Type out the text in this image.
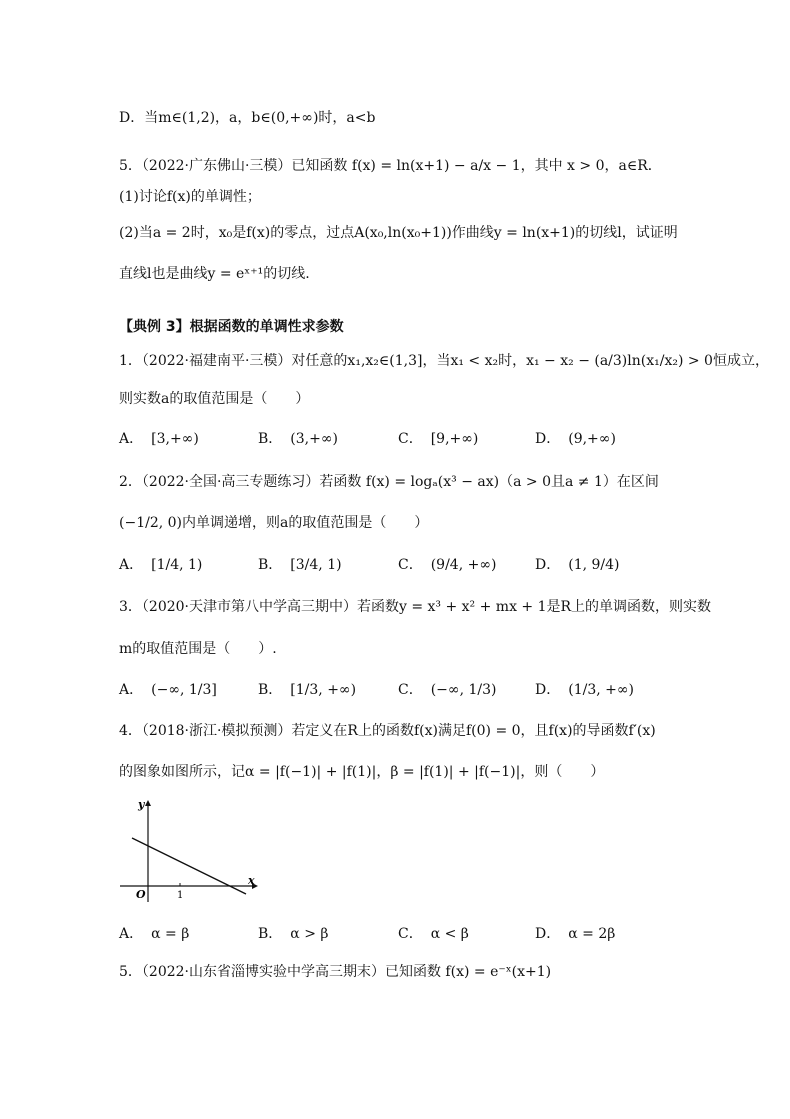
D．当m∈(1,2)，a，b∈(0,+∞)时，a<b
5．（2022·广东佛山·三模）已知函数 f(x) = ln(x+1) − a/x − 1，其中 x > 0，a∈R．
(1)讨论f(x)的单调性；
(2)当a = 2时，x₀是f(x)的零点，过点A(x₀,ln(x₀+1))作曲线y = ln(x+1)的切线l，试证明
直线l也是曲线y = eˣ⁺¹的切线.
【典例 3】根据函数的单调性求参数
1．（2022·福建南平·三模）对任意的x₁,x₂∈(1,3]，当x₁ < x₂时，x₁ − x₂ − (a/3)ln(x₁/x₂) > 0恒成立，
则实数a的取值范围是（　　）
A． [3,+∞)	B． (3,+∞)	C． [9,+∞)	D． (9,+∞)
2．（2022·全国·高三专题练习）若函数 f(x) = logₐ(x³ − ax)（a > 0且a ≠ 1）在区间
(−1/2, 0)内单调递增，则a的取值范围是（　　）
A． [1/4, 1)	B． [3/4, 1)	C． (9/4, +∞)	D． (1, 9/4)
3．（2020·天津市第八中学高三期中）若函数y = x³ + x² + mx + 1是R上的单调函数，则实数
m的取值范围是（　　）.
A． (−∞, 1/3]	B． [1/3, +∞)	C． (−∞, 1/3)	D． (1/3, +∞)
4．（2018·浙江·模拟预测）若定义在R上的函数f(x)满足f(0) = 0，且f(x)的导函数f′(x)
的图象如图所示，记α = |f(−1)| + |f(1)|，β = |f(1)| + |f(−1)|，则（　　）
y
x
O	1
A． α = β	B． α > β	C． α < β	D． α = 2β
5．（2022·山东省淄博实验中学高三期末）已知函数 f(x) = e⁻ˣ(x+1)
